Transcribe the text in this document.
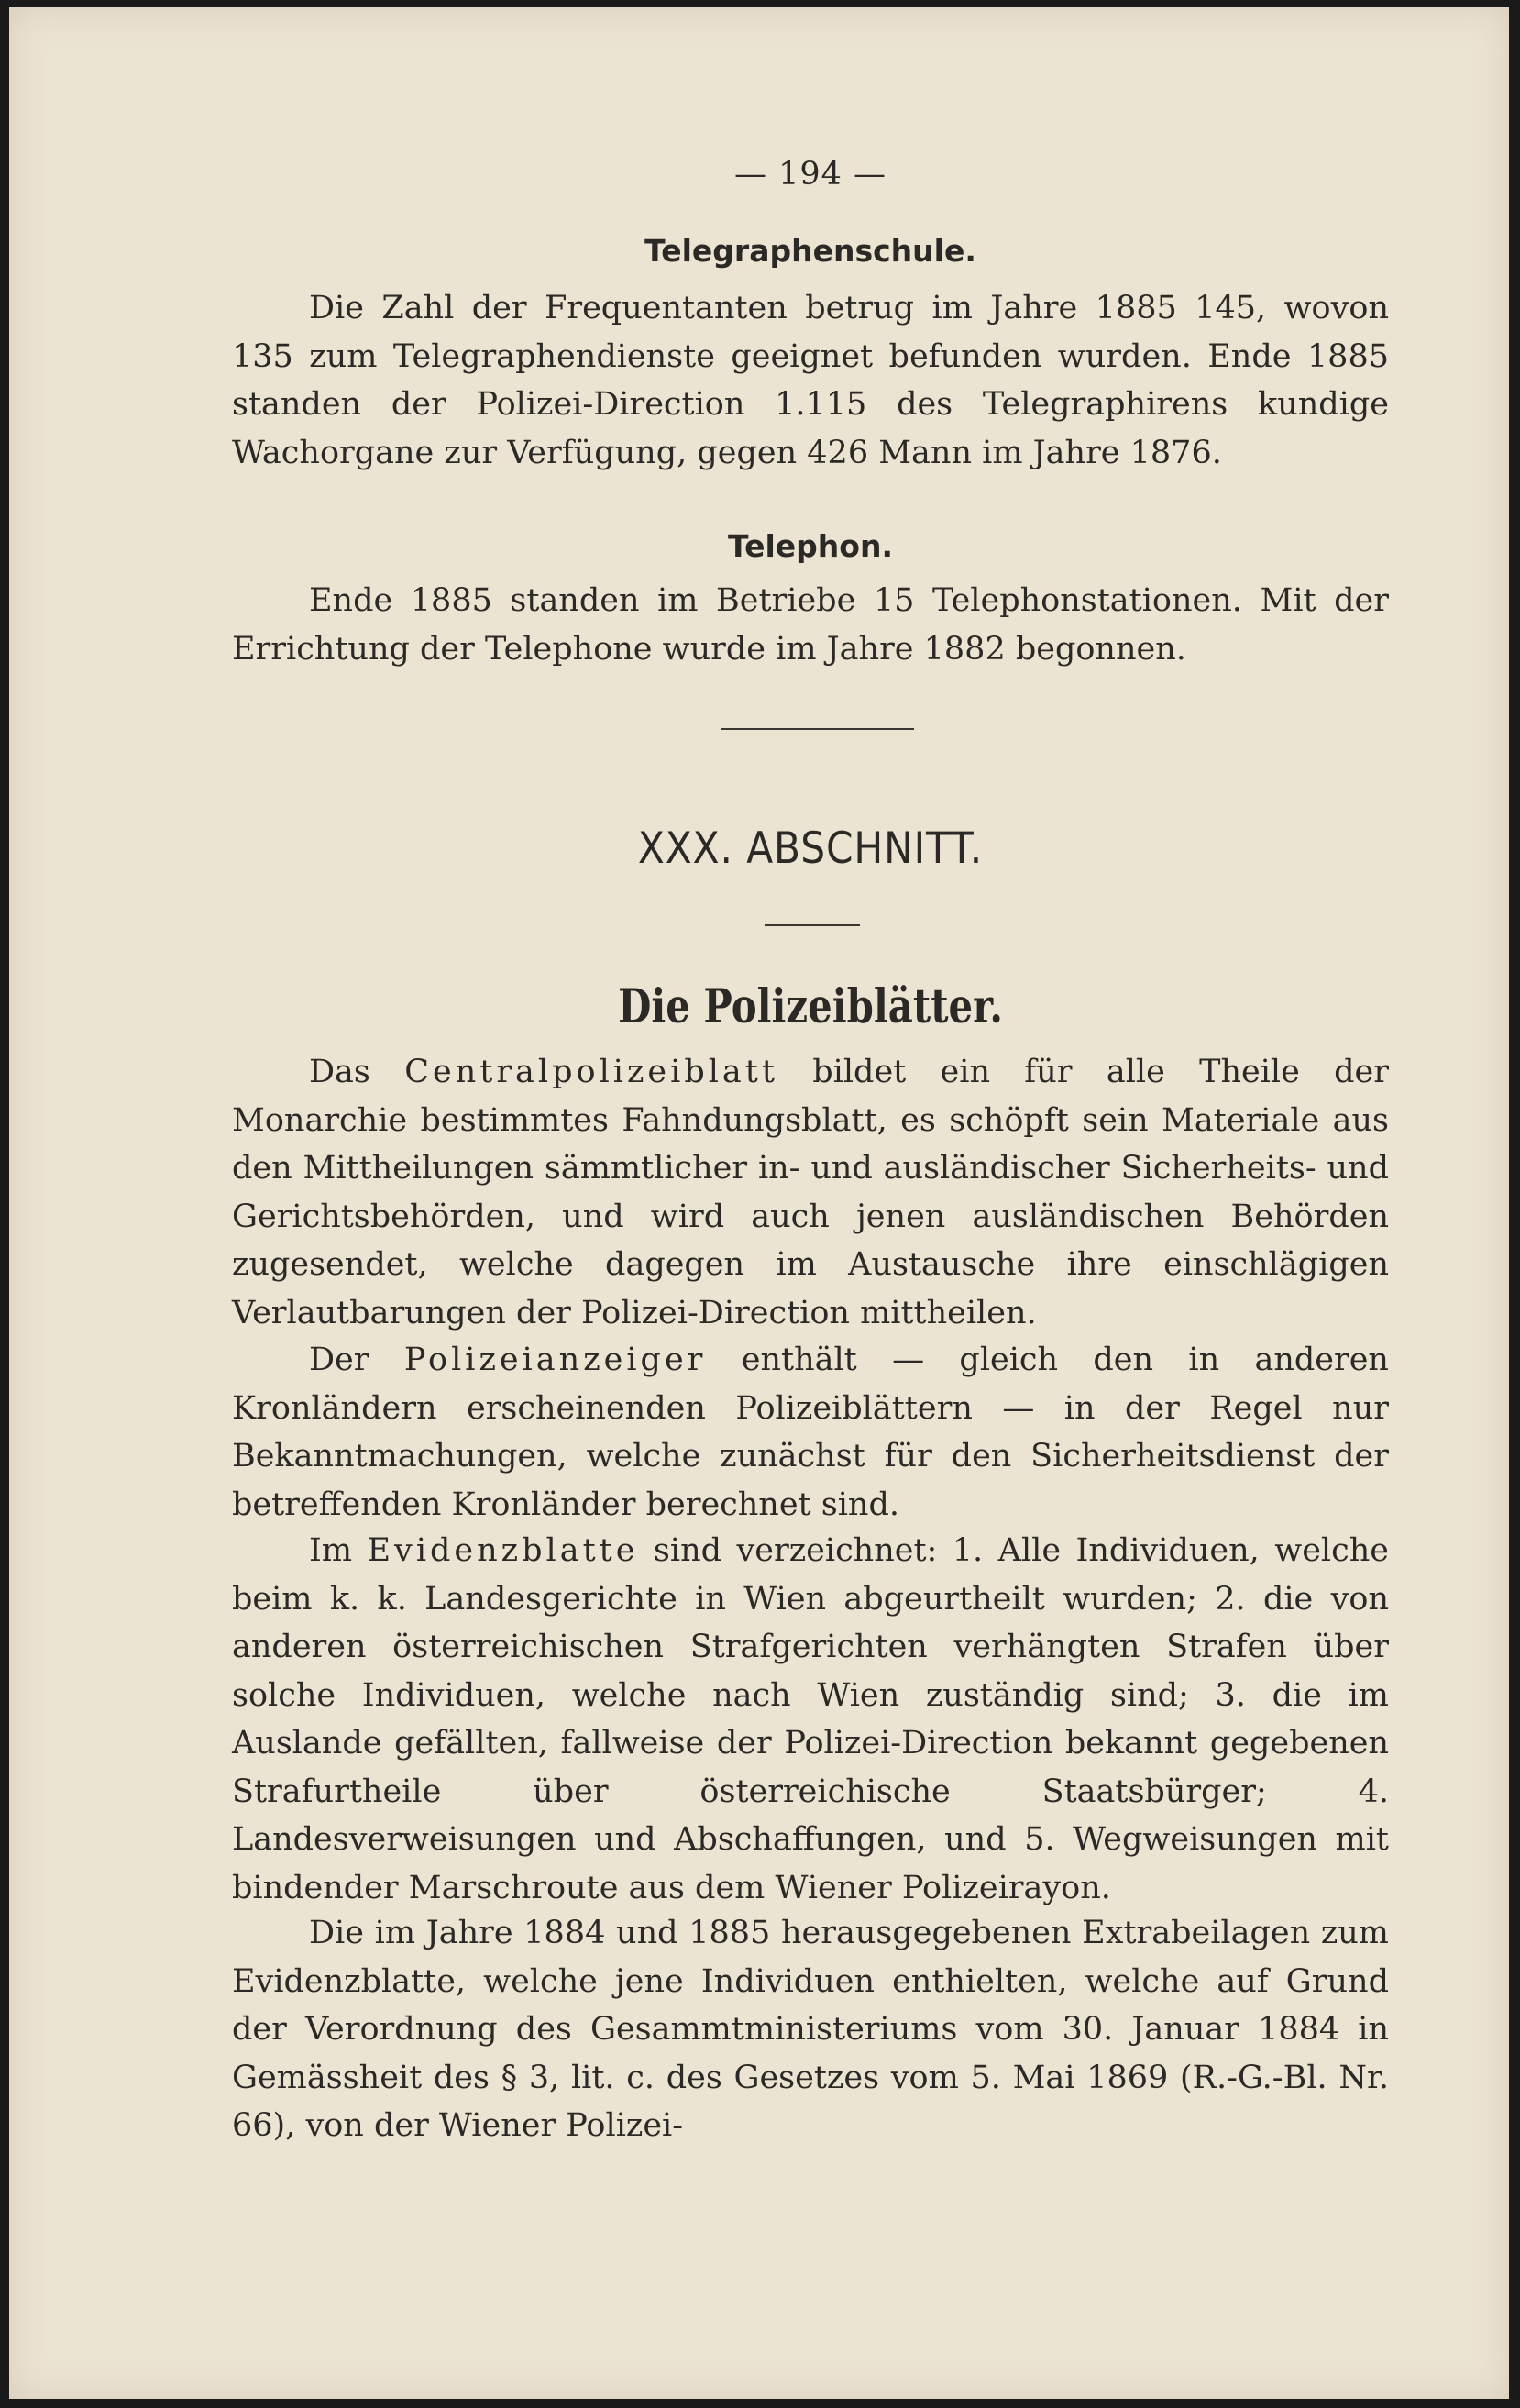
— 194 —
Telegraphenschule.

Die Zahl der Frequentanten betrug im Jahre 1885 145, wovon 135 zum Telegraphendienste geeignet befunden wurden. Ende 1885 standen der Polizei-Direction 1.115 des Telegraphirens kundige Wachorgane zur Verfügung, gegen 426 Mann im Jahre 1876.

Telephon.

Ende 1885 standen im Betriebe 15 Telephonstationen. Mit der Errichtung der Telephone wurde im Jahre 1882 begonnen.

XXX. ABSCHNITT.
Die Polizeiblätter.

Das Centralpolizeiblatt bildet ein für alle Theile der Monarchie bestimmtes Fahndungsblatt, es schöpft sein Materiale aus den Mittheilungen sämmtlicher in- und ausländischer Sicherheits- und Gerichtsbehörden, und wird auch jenen ausländischen Behörden zugesendet, welche dagegen im Austausche ihre einschlägigen Verlautbarungen der Polizei-Direction mittheilen.

Der Polizeianzeiger enthält — gleich den in anderen Kronländern erscheinenden Polizeiblättern — in der Regel nur Bekanntmachungen, welche zunächst für den Sicherheitsdienst der betreffenden Kronländer berechnet sind.

Im Evidenzblatte sind verzeichnet: 1. Alle Individuen, welche beim k. k. Landesgerichte in Wien abgeurtheilt wurden; 2. die von anderen österreichischen Strafgerichten verhängten Strafen über solche Individuen, welche nach Wien zuständig sind; 3. die im Auslande gefällten, fallweise der Polizei-Direction bekannt gegebenen Strafurtheile über österreichische Staatsbürger; 4. Landesverweisungen und Abschaffungen, und 5. Wegweisungen mit bindender Marschroute aus dem Wiener Polizeirayon.

Die im Jahre 1884 und 1885 herausgegebenen Extrabeilagen zum Evidenzblatte, welche jene Individuen enthielten, welche auf Grund der Verordnung des Gesammtministeriums vom 30. Januar 1884 in Gemässheit des § 3, lit. c. des Gesetzes vom 5. Mai 1869 (R.-G.-Bl. Nr. 66), von der Wiener Polizei-
